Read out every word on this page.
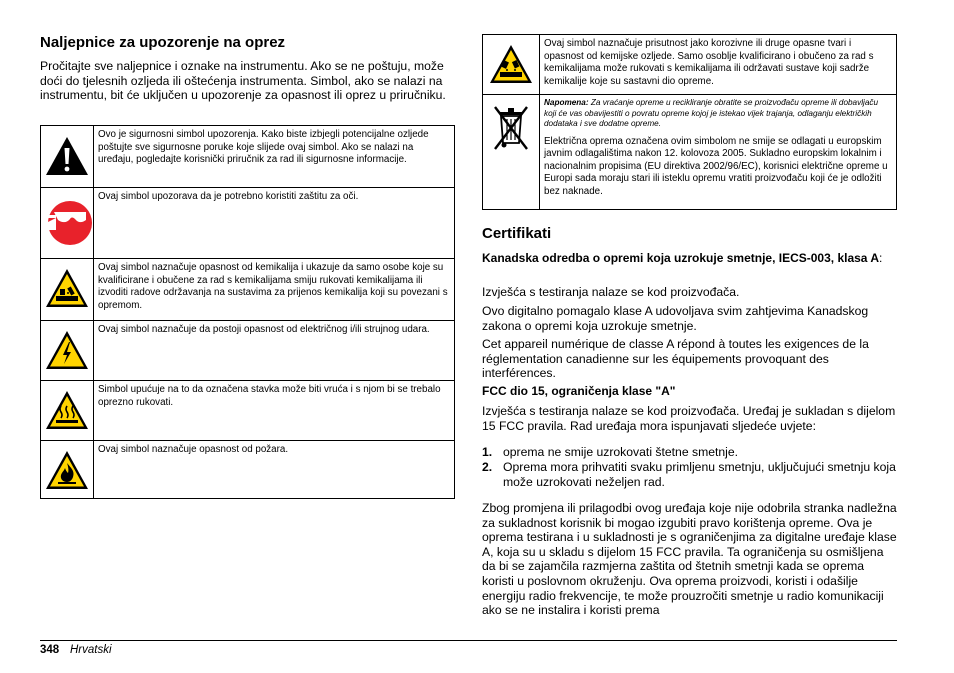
Naljepnice za upozorenje na oprez

Pročitajte sve naljepnice i oznake na instrumentu. Ako se ne poštuju, može doći do tjelesnih ozljeda ili oštećenja instrumenta. Simbol, ako se nalazi na instrumentu, bit će uključen u upozorenje za opasnost ili oprez u priručniku.

	Ovo je sigurnosni simbol upozorenja. Kako biste izbjegli potencijalne ozljede poštujte sve sigurnosne poruke koje slijede ovaj simbol. Ako se nalazi na uređaju, pogledajte korisnički priručnik za rad ili sigurnosne informacije.

	Ovaj simbol upozorava da je potrebno koristiti zaštitu za oči.

	Ovaj simbol naznačuje opasnost od kemikalija i ukazuje da samo osobe koje su kvalificirane i obučene za rad s kemikalijama smiju rukovati kemikalijama ili izvoditi radove održavanja na sustavima za prijenos kemikalija koji su povezani s opremom.

	Ovaj simbol naznačuje da postoji opasnost od električnog i/ili strujnog udara.

	Simbol upućuje na to da označena stavka može biti vruća i s njom bi se trebalo oprezno rukovati.

	Ovaj simbol naznačuje opasnost od požara.
	Ovaj simbol naznačuje prisutnost jako korozivne ili druge opasne tvari i opasnost od kemijske ozljede. Samo osoblje kvalificirano i obučeno za rad s kemikalijama može rukovati s kemikalijama ili održavati sustave koji sadrže kemikalije koje su sastavni dio opreme.

Napomena: Za vraćanje opreme u recikliranje obratite se proizvođaču opreme ili dobavljaču koji će vas obavijestiti o povratu opreme kojoj je istekao vijek trajanja, odlaganju električkih dodataka i sve dodatne opreme.
Električna oprema označena ovim simbolom ne smije se odlagati u europskim javnim odlagalištima nakon 12. kolovoza 2005. Sukladno europskim lokalnim i nacionalnim propisima (EU direktiva 2002/96/EC), korisnici električne opreme u Europi sada moraju stari ili isteklu opremu vratiti proizvođaču koji će je odložiti bez naknade.
Certifikati
Kanadska odredba o opremi koja uzrokuje smetnje, IECS-003, klasa A:

Izvješća s testiranja nalaze se kod proizvođača.

Ovo digitalno pomagalo klase A udovoljava svim zahtjevima Kanadskog zakona o opremi koja uzrokuje smetnje.

Cet appareil numérique de classe A répond à toutes les exigences de la réglementation canadienne sur les équipements provoquant des interférences.

FCC dio 15, ograničenja klase "A"

Izvješća s testiranja nalaze se kod proizvođača. Uređaj je sukladan s dijelom 15 FCC pravila. Rad uređaja mora ispunjavati sljedeće uvjete:

1. oprema ne smije uzrokovati štetne smetnje.
2. Oprema mora prihvatiti svaku primljenu smetnju, uključujući smetnju koja može uzrokovati neželjen rad.

Zbog promjena ili prilagodbi ovog uređaja koje nije odobrila stranka nadležna za sukladnost korisnik bi mogao izgubiti pravo korištenja opreme. Ova je oprema testirana i u sukladnosti je s ograničenjima za digitalne uređaje klase A, koja su u skladu s dijelom 15 FCC pravila. Ta ograničenja su osmišljena da bi se zajamčila razmjerna zaštita od štetnih smetnji kada se oprema koristi u poslovnom okruženju. Ova oprema proizvodi, koristi i odašilje energiju radio frekvencije, te može prouzročiti smetnje u radio komunikaciji ako se ne instalira i koristi prema

348 Hrvatski
